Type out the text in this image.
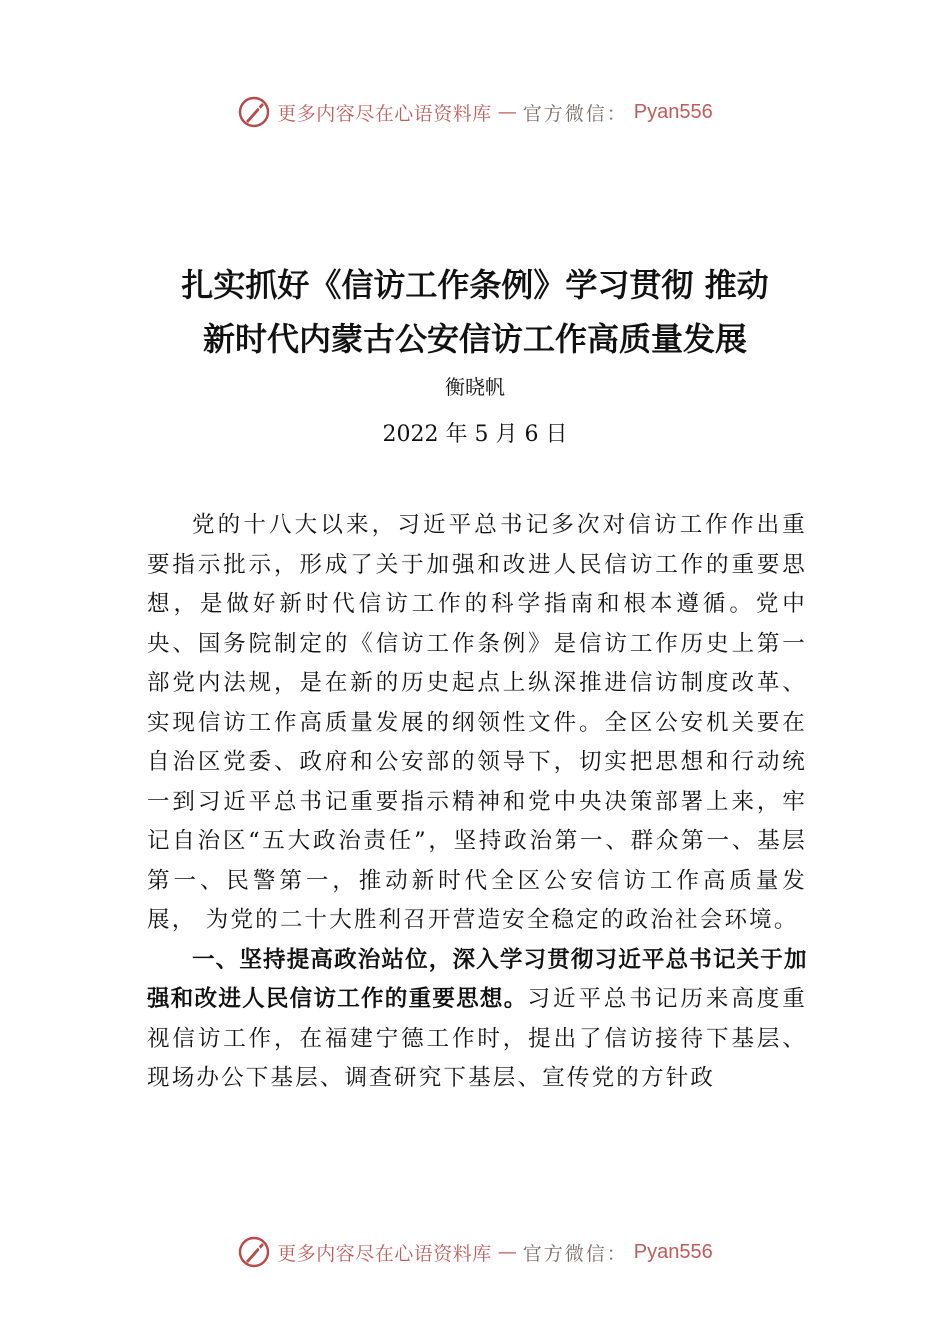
更多内容尽在心语资料库 — 官方微信： Pyan556
扎实抓好《信访工作条例》学习贯彻 推动
新时代内蒙古公安信访工作高质量发展
衡晓帆
2022 年 5 月 6 日

党的十八大以来，习近平总书记多次对信访工作作出重要指示批示，形成了关于加强和改进人民信访工作的重要思想，是做好新时代信访工作的科学指南和根本遵循。党中央、国务院制定的《信访工作条例》是信访工作历史上第一部党内法规，是在新的历史起点上纵深推进信访制度改革、实现信访工作高质量发展的纲领性文件。全区公安机关要在自治区党委、政府和公安部的领导下，切实把思想和行动统一到习近平总书记重要指示精神和党中央决策部署上来，牢记自治区“五大政治责任”，坚持政治第一、群众第一、基层第一、民警第一，推动新时代全区公安信访工作高质量发展， 为党的二十大胜利召开营造安全稳定的政治社会环境。

一、坚持提高政治站位，深入学习贯彻习近平总书记关于加强和改进人民信访工作的重要思想。习近平总书记历来高度重视信访工作，在福建宁德工作时，提出了信访接待下基层、现场办公下基层、调查研究下基层、宣传党的方针政

更多内容尽在心语资料库 — 官方微信： Pyan556
